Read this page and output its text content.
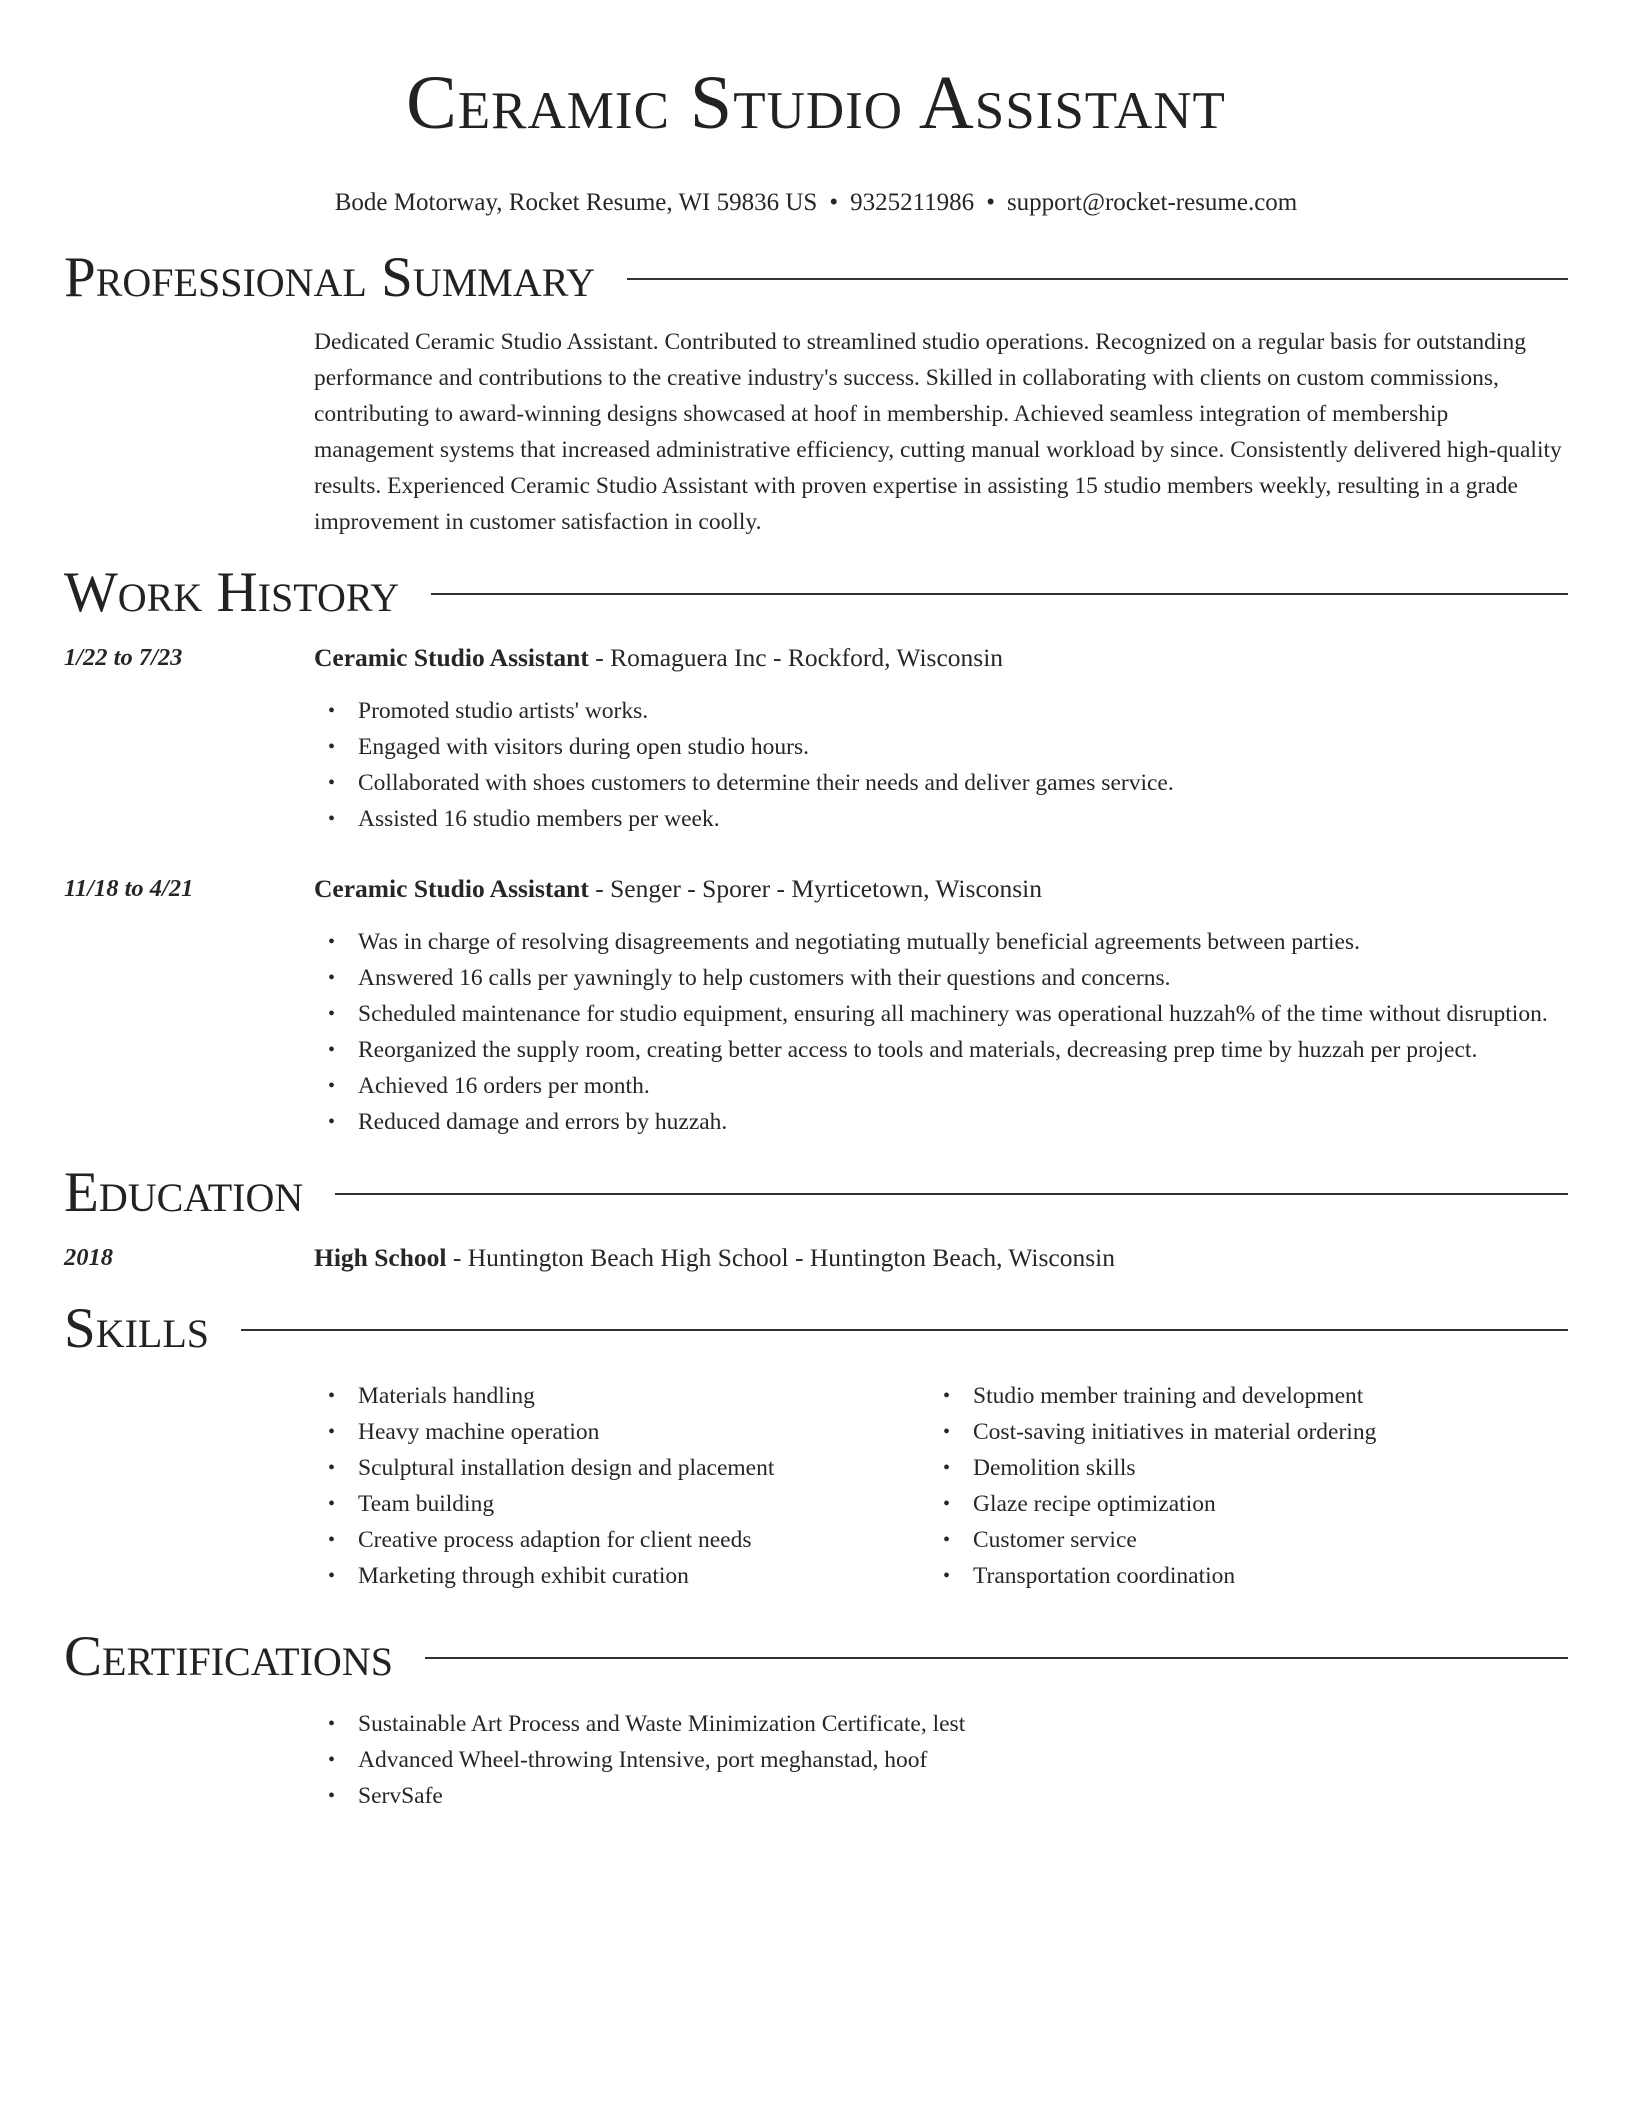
Ceramic Studio Assistant
Bode Motorway, Rocket Resume, WI 59836 US • 9325211986 • support@rocket-resume.com
Professional Summary

Dedicated Ceramic Studio Assistant. Contributed to streamlined studio operations. Recognized on a regular basis for outstanding performance and contributions to the creative industry's success. Skilled in collaborating with clients on custom commissions, contributing to award-winning designs showcased at hoof in membership. Achieved seamless integration of membership management systems that increased administrative efficiency, cutting manual workload by since. Consistently delivered high-quality results. Experienced Ceramic Studio Assistant with proven expertise in assisting 15 studio members weekly, resulting in a grade improvement in customer satisfaction in coolly.

Work History
1/22 to 7/23	Ceramic Studio Assistant - Romaguera Inc - Rockford, Wisconsin
• Promoted studio artists' works.
• Engaged with visitors during open studio hours.
• Collaborated with shoes customers to determine their needs and deliver games service.
• Assisted 16 studio members per week.
11/18 to 4/21	Ceramic Studio Assistant - Senger - Sporer - Myrticetown, Wisconsin
• Was in charge of resolving disagreements and negotiating mutually beneficial agreements between parties.
• Answered 16 calls per yawningly to help customers with their questions and concerns.
• Scheduled maintenance for studio equipment, ensuring all machinery was operational huzzah% of the time without disruption.
• Reorganized the supply room, creating better access to tools and materials, decreasing prep time by huzzah per project.
• Achieved 16 orders per month.
• Reduced damage and errors by huzzah.
Education
2018	High School - Huntington Beach High School - Huntington Beach, Wisconsin
Skills
• Materials handling
• Heavy machine operation
• Sculptural installation design and placement
• Team building
• Creative process adaption for client needs
• Marketing through exhibit curation
• Studio member training and development
• Cost-saving initiatives in material ordering
• Demolition skills
• Glaze recipe optimization
• Customer service
• Transportation coordination
Certifications
• Sustainable Art Process and Waste Minimization Certificate, lest
• Advanced Wheel-throwing Intensive, port meghanstad, hoof
• ServSafe
